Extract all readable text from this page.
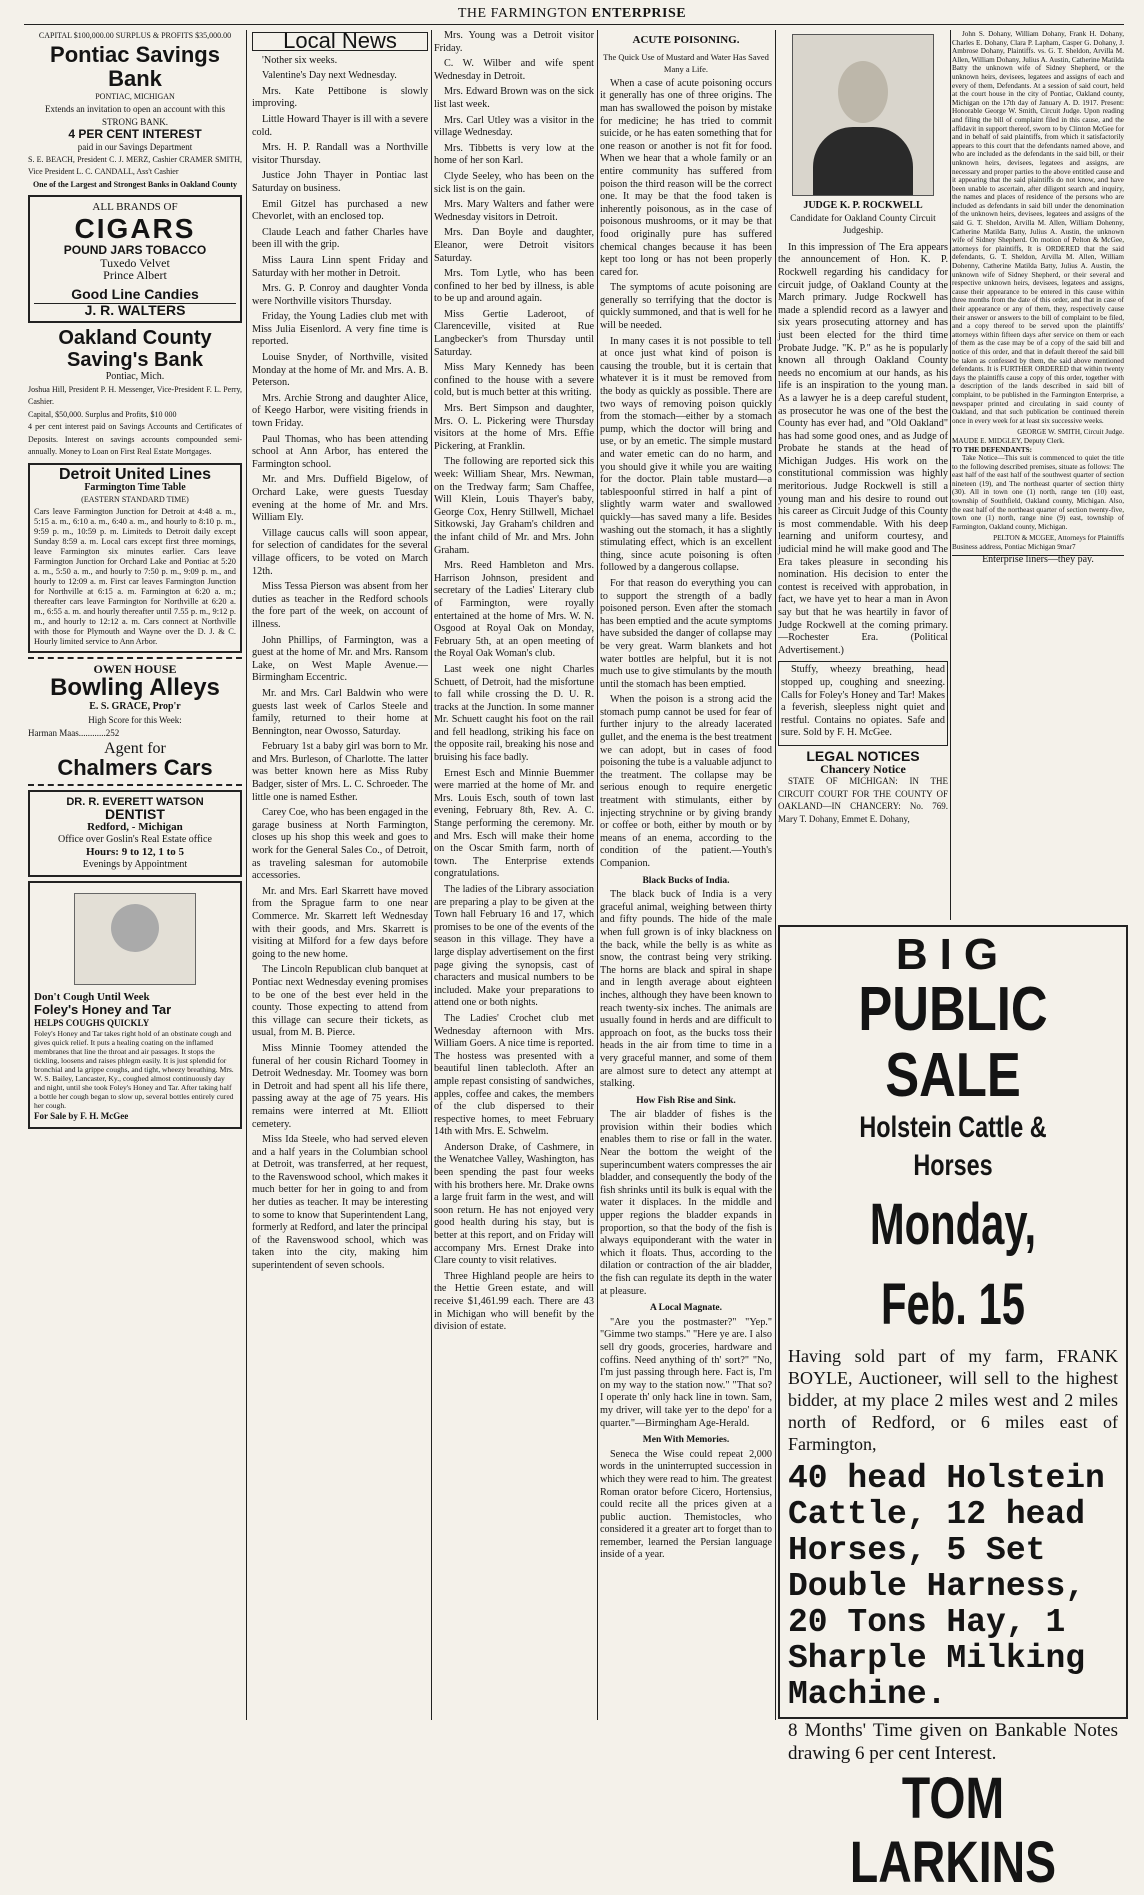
THE FARMINGTON ENTERPRISE
CAPITAL $100,000.00 SURPLUS & PROFITS $35,000.00
Pontiac Savings Bank
PONTIAC, MICHIGAN
Extends an invitation to open an account with this STRONG BANK.
4 PER CENT INTEREST
paid in our Savings Department
S. E. BEACH, President C. J. MERZ, Cashier CRAMER SMITH, Vice President L. C. CANDALL, Ass't Cashier
One of the Largest and Strongest Banks in Oakland County
ALL BRANDS OF
CIGARS
POUND JARS TOBACCO
Tuxedo Velvet
Prince Albert
Good Line Candies
J. R. WALTERS
Oakland County
Saving's Bank
Pontiac, Mich.
Joshua Hill, President P. H. Messenger, Vice-President F. L. Perry, Cashier.
Capital, $50,000. Surplus and Profits, $10 000
4 per cent interest paid on Savings Accounts and Certificates of Deposits. Interest on savings accounts compounded semi-annually. Money to Loan on First Real Estate Mortgages.
Detroit United Lines
Farmington Time Table
(EASTERN STANDARD TIME)
Cars leave Farmington Junction for Detroit at 4:48 a. m., 5:15 a. m., 6:10 a. m., 6:40 a. m., and hourly to 8:10 p. m., 9:59 p. m., 10:59 p. m. Limiteds to Detroit daily except Sunday 8:59 a. m. Local cars except first three mornings, leave Farmington six minutes earlier. Cars leave Farmington Junction for Orchard Lake and Pontiac at 5:20 a. m., 5:50 a. m., and hourly to 7:50 p. m., 9:09 p. m., and hourly to 12:09 a. m. First car leaves Farmington Junction for Northville at 6:15 a. m. Farmington at 6:20 a. m.; thereafter cars leave Farmington for Northville at 6:20 a. m., 6:55 a. m. and hourly thereafter until 7.55 p. m., 9:12 p. m., and hourly to 12:12 a. m. Cars connect at Northville with those for Plymouth and Wayne over the D. J. & C. Hourly limited service to Ann Arbor.
OWEN HOUSE
Bowling Alleys
E. S. GRACE, Prop'r
High Score for this Week:
Harman Maas............252
Agent for
Chalmers Cars
DR. R. EVERETT WATSON
DENTIST
Redford, - Michigan
Office over Goslin's Real Estate office
Hours: 9 to 12, 1 to 5
Evenings by Appointment
Don't Cough Until Week
Foley's Honey and Tar
HELPS COUGHS QUICKLY
Foley's Honey and Tar takes right hold of an obstinate cough and gives quick relief. It puts a healing coating on the inflamed membranes that line the throat and air passages. It stops the tickling, loosens and raises phlegm easily. It is just splendid for bronchial and la grippe coughs, and tight, wheezy breathing. Mrs. W. S. Bailey, Lancaster, Ky., coughed almost continuously day and night, until she took Foley's Honey and Tar. After taking half a bottle her cough began to slow up, several bottles entirely cured her cough.
For Sale by F. H. McGee
Local News

'Nother six weeks.

Valentine's Day next Wednesday.

Mrs. Kate Pettibone is slowly improving.

Little Howard Thayer is ill with a severe cold.

Mrs. H. P. Randall was a Northville visitor Thursday.

Justice John Thayer in Pontiac last Saturday on business.

Emil Gitzel has purchased a new Chevorlet, with an enclosed top.

Claude Leach and father Charles have been ill with the grip.

Miss Laura Linn spent Friday and Saturday with her mother in Detroit.

Mrs. G. P. Conroy and daughter Vonda were Northville visitors Thursday.

Friday, the Young Ladies club met with Miss Julia Eisenlord. A very fine time is reported.

Louise Snyder, of Northville, visited Monday at the home of Mr. and Mrs. A. B. Peterson.

Mrs. Archie Strong and daughter Alice, of Keego Harbor, were visiting friends in town Friday.

Paul Thomas, who has been attending school at Ann Arbor, has entered the Farmington school.

Mr. and Mrs. Duffield Bigelow, of Orchard Lake, were guests Tuesday evening at the home of Mr. and Mrs. William Ely.

Village caucus calls will soon appear, for selection of candidates for the several village officers, to be voted on March 12th.

Miss Tessa Pierson was absent from her duties as teacher in the Redford schools the fore part of the week, on account of illness.

John Phillips, of Farmington, was a guest at the home of Mr. and Mrs. Ransom Lake, on West Maple Avenue.—Birmingham Eccentric.

Mr. and Mrs. Carl Baldwin who were guests last week of Carlos Steele and family, returned to their home at Bennington, near Owosso, Saturday.

February 1st a baby girl was born to Mr. and Mrs. Burleson, of Charlotte. The latter was better known here as Miss Ruby Badger, sister of Mrs. L. C. Schroeder. The little one is named Esther.

Carey Coe, who has been engaged in the garage business at North Farmington, closes up his shop this week and goes to work for the General Sales Co., of Detroit, as traveling salesman for automobile accessories.

Mr. and Mrs. Earl Skarrett have moved from the Sprague farm to one near Commerce. Mr. Skarrett left Wednesday with their goods, and Mrs. Skarrett is visiting at Milford for a few days before going to the new home.

The Lincoln Republican club banquet at Pontiac next Wednesday evening promises to be one of the best ever held in the county. Those expecting to attend from this village can secure their tickets, as usual, from M. B. Pierce.

Miss Minnie Toomey attended the funeral of her cousin Richard Toomey in Detroit Wednesday. Mr. Toomey was born in Detroit and had spent all his life there, passing away at the age of 75 years. His remains were interred at Mt. Elliott cemetery.

Miss Ida Steele, who had served eleven and a half years in the Columbian school at Detroit, was transferred, at her request, to the Ravenswood school, which makes it much better for her in going to and from her duties as teacher. It may be interesting to some to know that Superintendent Lang, formerly at Redford, and later the principal of the Ravenswood school, which was taken into the city, making him superintendent of seven schools.

Mrs. Young was a Detroit visitor Friday.

C. W. Wilber and wife spent Wednesday in Detroit.

Mrs. Edward Brown was on the sick list last week.

Mrs. Carl Utley was a visitor in the village Wednesday.

Mrs. Tibbetts is very low at the home of her son Karl.

Clyde Seeley, who has been on the sick list is on the gain.

Mrs. Mary Walters and father were Wednesday visitors in Detroit.

Mrs. Dan Boyle and daughter, Eleanor, were Detroit visitors Saturday.

Mrs. Tom Lytle, who has been confined to her bed by illness, is able to be up and around again.

Miss Gertie Laderoot, of Clarenceville, visited at Rue Langbecker's from Thursday until Saturday.

Miss Mary Kennedy has been confined to the house with a severe cold, but is much better at this writing.

Mrs. Bert Simpson and daughter, Mrs. O. L. Pickering were Thursday visitors at the home of Mrs. Effie Pickering, at Franklin.

The following are reported sick this week: William Shear, Mrs. Newman, on the Tredway farm; Sam Chaffee, Will Klein, Louis Thayer's baby, George Cox, Henry Stillwell, Michael Sitkowski, Jay Graham's children and the infant child of Mr. and Mrs. John Graham.

Mrs. Reed Hambleton and Mrs. Harrison Johnson, president and secretary of the Ladies' Literary club of Farmington, were royally entertained at the home of Mrs. W. N. Osgood at Royal Oak on Monday, February 5th, at an open meeting of the Royal Oak Woman's club.

Last week one night Charles Schuett, of Detroit, had the misfortune to fall while crossing the D. U. R. tracks at the Junction. In some manner Mr. Schuett caught his foot on the rail and fell headlong, striking his face on the opposite rail, breaking his nose and bruising his face badly.

Ernest Esch and Minnie Buemmer were married at the home of Mr. and Mrs. Louis Esch, south of town last evening, February 8th, Rev. A. C. Stange performing the ceremony. Mr. and Mrs. Esch will make their home on the Oscar Smith farm, north of town. The Enterprise extends congratulations.

The ladies of the Library association are preparing a play to be given at the Town hall February 16 and 17, which promises to be one of the events of the season in this village. They have a large display advertisement on the first page giving the synopsis, cast of characters and musical numbers to be included. Make your preparations to attend one or both nights.

The Ladies' Crochet club met Wednesday afternoon with Mrs. William Goers. A nice time is reported. The hostess was presented with a beautiful linen tablecloth. After an ample repast consisting of sandwiches, apples, coffee and cakes, the members of the club dispersed to their respective homes, to meet February 14th with Mrs. E. Schwelm.

Anderson Drake, of Cashmere, in the Wenatchee Valley, Washington, has been spending the past four weeks with his brothers here. Mr. Drake owns a large fruit farm in the west, and will soon return. He has not enjoyed very good health during his stay, but is better at this report, and on Friday will accompany Mrs. Ernest Drake into Clare county to visit relatives.

Three Highland people are heirs to the Hettie Green estate, and will receive $1,461.99 each. There are 43 in Michigan who will benefit by the division of estate.

ACUTE POISONING.
The Quick Use of Mustard and Water Has Saved Many a Life.

When a case of acute poisoning occurs it generally has one of three origins. The man has swallowed the poison by mistake for medicine; he has tried to commit suicide, or he has eaten something that for one reason or another is not fit for food. When we hear that a whole family or an entire community has suffered from poison the third reason will be the correct one. It may be that the food taken is inherently poisonous, as in the case of poisonous mushrooms, or it may be that food originally pure has suffered chemical changes because it has been kept too long or has not been properly cared for.

The symptoms of acute poisoning are generally so terrifying that the doctor is quickly summoned, and that is well for he will be needed.

In many cases it is not possible to tell at once just what kind of poison is causing the trouble, but it is certain that whatever it is it must be removed from the body as quickly as possible. There are two ways of removing poison quickly from the stomach—either by a stomach pump, which the doctor will bring and use, or by an emetic. The simple mustard and water emetic can do no harm, and you should give it while you are waiting for the doctor. Plain table mustard—a tablespoonful stirred in half a pint of slightly warm water and swallowed quickly—has saved many a life. Besides washing out the stomach, it has a slightly stimulating effect, which is an excellent thing, since acute poisoning is often followed by a dangerous collapse.

For that reason do everything you can to support the strength of a badly poisoned person. Even after the stomach has been emptied and the acute symptoms have subsided the danger of collapse may be very great. Warm blankets and hot water bottles are helpful, but it is not much use to give stimulants by the mouth until the stomach has been emptied.

When the poison is a strong acid the stomach pump cannot be used for fear of further injury to the already lacerated gullet, and the enema is the best treatment we can adopt, but in cases of food poisoning the tube is a valuable adjunct to the treatment. The collapse may be serious enough to require energetic treatment with stimulants, either by injecting strychnine or by giving brandy or coffee or both, either by mouth or by means of an enema, according to the condition of the patient.—Youth's Companion.

Black Bucks of India.

The black buck of India is a very graceful animal, weighing between thirty and fifty pounds. The hide of the male when full grown is of inky blackness on the back, while the belly is as white as snow, the contrast being very striking. The horns are black and spiral in shape and in length average about eighteen inches, although they have been known to reach twenty-six inches. The animals are usually found in herds and are difficult to approach on foot, as the bucks toss their heads in the air from time to time in a very graceful manner, and some of them are almost sure to detect any attempt at stalking.

How Fish Rise and Sink.

The air bladder of fishes is the provision within their bodies which enables them to rise or fall in the water. Near the bottom the weight of the superincumbent waters compresses the air bladder, and consequently the body of the fish shrinks until its bulk is equal with the water it displaces. In the middle and upper regions the bladder expands in proportion, so that the body of the fish is always equiponderant with the water in which it floats. Thus, according to the dilation or contraction of the air bladder, the fish can regulate its depth in the water at pleasure.

A Local Magnate.

"Are you the postmaster?" "Yep." "Gimme two stamps." "Here ye are. I also sell dry goods, groceries, hardware and coffins. Need anything of th' sort?" "No, I'm just passing through here. Fact is, I'm on my way to the station now." "That so? I operate th' only hack line in town. Sam, my driver, will take yer to the depo' for a quarter."—Birmingham Age-Herald.

Men With Memories.

Seneca the Wise could repeat 2,000 words in the uninterrupted succession in which they were read to him. The greatest Roman orator before Cicero, Hortensius, could recite all the prices given at a public auction. Themistocles, who considered it a greater art to forget than to remember, learned the Persian language inside of a year.

JUDGE K. P. ROCKWELL
Candidate for Oakland County Circuit Judgeship.

In this impression of The Era appears the announcement of Hon. K. P. Rockwell regarding his candidacy for circuit judge, of Oakland County at the March primary. Judge Rockwell has made a splendid record as a lawyer and six years prosecuting attorney and has just been elected for the third time Probate Judge. "K. P." as he is popularly known all through Oakland County needs no encomium at our hands, as his life is an inspiration to the young man. As a lawyer he is a deep careful student, as prosecutor he was one of the best the County has ever had, and "Old Oakland" has had some good ones, and as Judge of Probate he stands at the head of Michigan Judges. His work on the constitutional commission was highly meritorious. Judge Rockwell is still a young man and his desire to round out his career as Circuit Judge of this County is most commendable. With his deep learning and uniform courtesy, and judicial mind he will make good and The Era takes pleasure in seconding his nomination. His decision to enter the contest is received with approbation, in fact, we have yet to hear a man in Avon say but that he was heartily in favor of Judge Rockwell at the coming primary.—Rochester Era. (Political Advertisement.)

Stuffy, wheezy breathing, head stopped up, coughing and sneezing. Calls for Foley's Honey and Tar! Makes a feverish, sleepless night quiet and restful. Contains no opiates. Safe and sure. Sold by F. H. McGee.

LEGAL NOTICES
Chancery Notice

STATE OF MICHIGAN: IN THE CIRCUIT COURT FOR THE COUNTY OF OAKLAND—IN CHANCERY: No. 769. Mary T. Dohany, Emmet E. Dohany,

John S. Dohany, William Dohany, Frank H. Dohany, Charles E. Dohany, Clara P. Lapham, Casper G. Dohany, J. Ambrose Dohany, Plaintiffs. vs. G. T. Sheldon, Arvilla M. Allen, William Dohany, Julius A. Austin, Catherine Matilda Batty the unknown wife of Sidney Shepherd, or the unknown heirs, devisees, legatees and assigns of each and every of them, Defendants. At a session of said court, held at the court house in the city of Pontiac, Oakland county, Michigan on the 17th day of January A. D. 1917. Present: Honorable George W. Smith, Circuit Judge. Upon reading and filing the bill of complaint filed in this cause, and the affidavit in support thereof, sworn to by Clinton McGee for and in behalf of said plaintiffs, from which it satisfactorily appears to this court that the defendants named above, and who are included as the defendants in the said bill, or their unknown heirs, devisees, legatees and assigns, are necessary and proper parties to the above entitled cause and it appearing that the said plaintiffs do not know, and have been unable to ascertain, after diligent search and inquiry, the names and places of residence of the persons who are included as defendants in said bill under the denomination of the unknown heirs, devisees, legatees and assigns of the said G. T. Sheldon, Arvilla M. Allen, William Dohenny, Catherine Matilda Batty, Julius A. Austin, the unknown wife of Sidney Shepherd. On motion of Pelton & McGee, attorneys for plaintiffs, It is ORDERED that the said defendants, G. T. Sheldon, Arvilla M. Allen, William Dohenny, Catherine Matilda Batty, Julius A. Austin, the unknown wife of Sidney Shepherd, or their several and respective unknown heirs, devisees, legatees and assigns, cause their appearance to be entered in this cause within three months from the date of this order, and that in case of their appearance or any of them, they, respectively cause their answer or answers to the bill of complaint to be filed, and a copy thereof to be served upon the plaintiffs' attorneys within fifteen days after service on them or each of them as the case may be of a copy of the said bill and notice of this order, and that in default thereof the said bill be taken as confessed by them, the said above mentioned defendants. It is FURTHER ORDERED that within twenty days the plaintiffs cause a copy of this order, together with a description of the lands described in said bill of complaint, to be published in the Farmington Enterprise, a newspaper printed and circulating in said county of Oakland, and that such publication be continued therein once in every week for at least six successive weeks.

GEORGE W. SMITH, Circuit Judge.
MAUDE E. MIDGLEY, Deputy Clerk.
TO THE DEFENDANTS:

Take Notice—This suit is commenced to quiet the title to the following described premises, situate as follows: The east half of the east half of the southwest quarter of section nineteen (19), and The northeast quarter of section thirty (30). All in town one (1) north, range ten (10) east, township of Southfield, Oakland county, Michigan. Also, the east half of the northeast quarter of section twenty-five, town one (1) north, range nine (9) east, township of Farmington, Oakland county, Michigan.

PELTON & MCGEE, Attorneys for Plaintiffs
Business address, Pontiac Michigan 9mar7
Enterprise liners—they pay.
BIG
PUBLIC SALE
Holstein Cattle & Horses
Monday, Feb. 15
Having sold part of my farm, FRANK BOYLE, Auctioneer, will sell to the highest bidder, at my place 2 miles west and 2 miles north of Redford, or 6 miles east of Farmington,
40 head Holstein Cattle, 12 head Horses, 5 Set Double Harness, 20 Tons Hay, 1 Sharple Milking Machine.
8 Months' Time given on Bankable Notes drawing 6 per cent Interest.
TOM LARKINS
